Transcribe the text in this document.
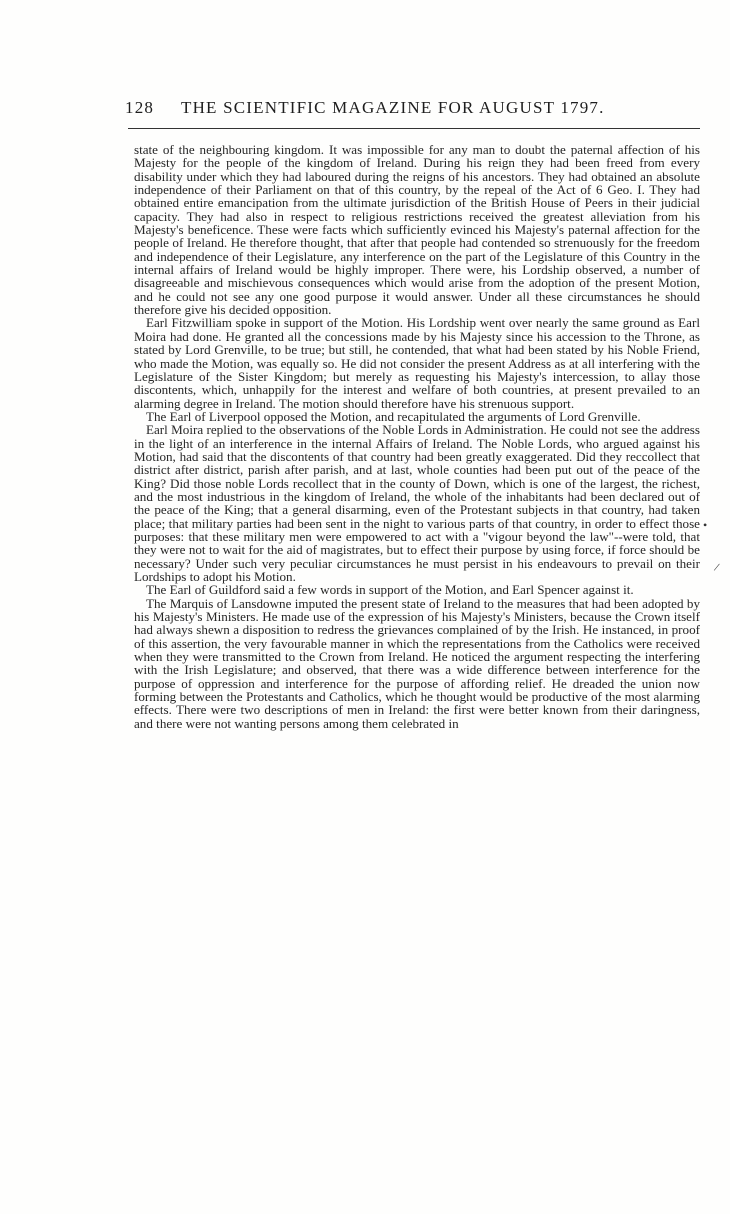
128 THE SCIENTIFIC MAGAZINE FOR AUGUST 1797.

state of the neighbouring kingdom. It was impossible for any man to doubt the paternal affection of his Majesty for the people of the kingdom of Ireland. During his reign they had been freed from every disability under which they had laboured during the reigns of his ancestors. They had obtained an absolute independence of their Parliament on that of this country, by the repeal of the Act of 6 Geo. I. They had obtained entire emancipation from the ultimate jurisdiction of the British House of Peers in their judicial capacity. They had also in respect to religious restrictions received the greatest alleviation from his Majesty's beneficence. These were facts which sufficiently evinced his Majesty's paternal affection for the people of Ireland. He therefore thought, that after that people had contended so strenuously for the freedom and independence of their Legislature, any interference on the part of the Legislature of this Country in the internal affairs of Ireland would be highly improper. There were, his Lordship observed, a number of disagreeable and mischievous consequences which would arise from the adoption of the present Motion, and he could not see any one good purpose it would answer. Under all these circumstances he should therefore give his decided opposition.

Earl Fitzwilliam spoke in support of the Motion. His Lordship went over nearly the same ground as Earl Moira had done. He granted all the concessions made by his Majesty since his accession to the Throne, as stated by Lord Grenville, to be true; but still, he contended, that what had been stated by his Noble Friend, who made the Motion, was equally so. He did not consider the present Address as at all interfering with the Legislature of the Sister Kingdom; but merely as requesting his Majesty's intercession, to allay those discontents, which, unhappily for the interest and welfare of both countries, at present prevailed to an alarming degree in Ireland. The motion should therefore have his strenuous support.

The Earl of Liverpool opposed the Motion, and recapitulated the arguments of Lord Grenville.

Earl Moira replied to the observations of the Noble Lords in Administration. He could not see the address in the light of an interference in the internal Affairs of Ireland. The Noble Lords, who argued against his Motion, had said that the discontents of that country had been greatly exaggerated. Did they reccollect that district after district, parish after parish, and at last, whole counties had been put out of the peace of the King? Did those noble Lords recollect that in the county of Down, which is one of the largest, the richest, and the most industrious in the kingdom of Ireland, the whole of the inhabitants had been declared out of the peace of the King; that a general disarming, even of the Protestant subjects in that country, had taken place; that military parties had been sent in the night to various parts of that country, in order to effect those purposes: that these military men were empowered to act with a "vigour beyond the law"--were told, that they were not to wait for the aid of magistrates, but to effect their purpose by using force, if force should be necessary? Under such very peculiar circumstances he must persist in his endeavours to prevail on their Lordships to adopt his Motion.

The Earl of Guildford said a few words in support of the Motion, and Earl Spencer against it.

The Marquis of Lansdowne imputed the present state of Ireland to the measures that had been adopted by his Majesty's Ministers. He made use of the expression of his Majesty's Ministers, because the Crown itself had always shewn a disposition to redress the grievances complained of by the Irish. He instanced, in proof of this assertion, the very favourable manner in which the representations from the Catholics were received when they were transmitted to the Crown from Ireland. He noticed the argument respecting the interfering with the Irish Legislature; and observed, that there was a wide difference between interference for the purpose of oppression and interference for the purpose of affording relief. He dreaded the union now forming between the Protestants and Catholics, which he thought would be productive of the most alarming effects. There were two descriptions of men in Ireland: the first were better known from their daringness, and there were not wanting persons among them celebrated in

•
/
